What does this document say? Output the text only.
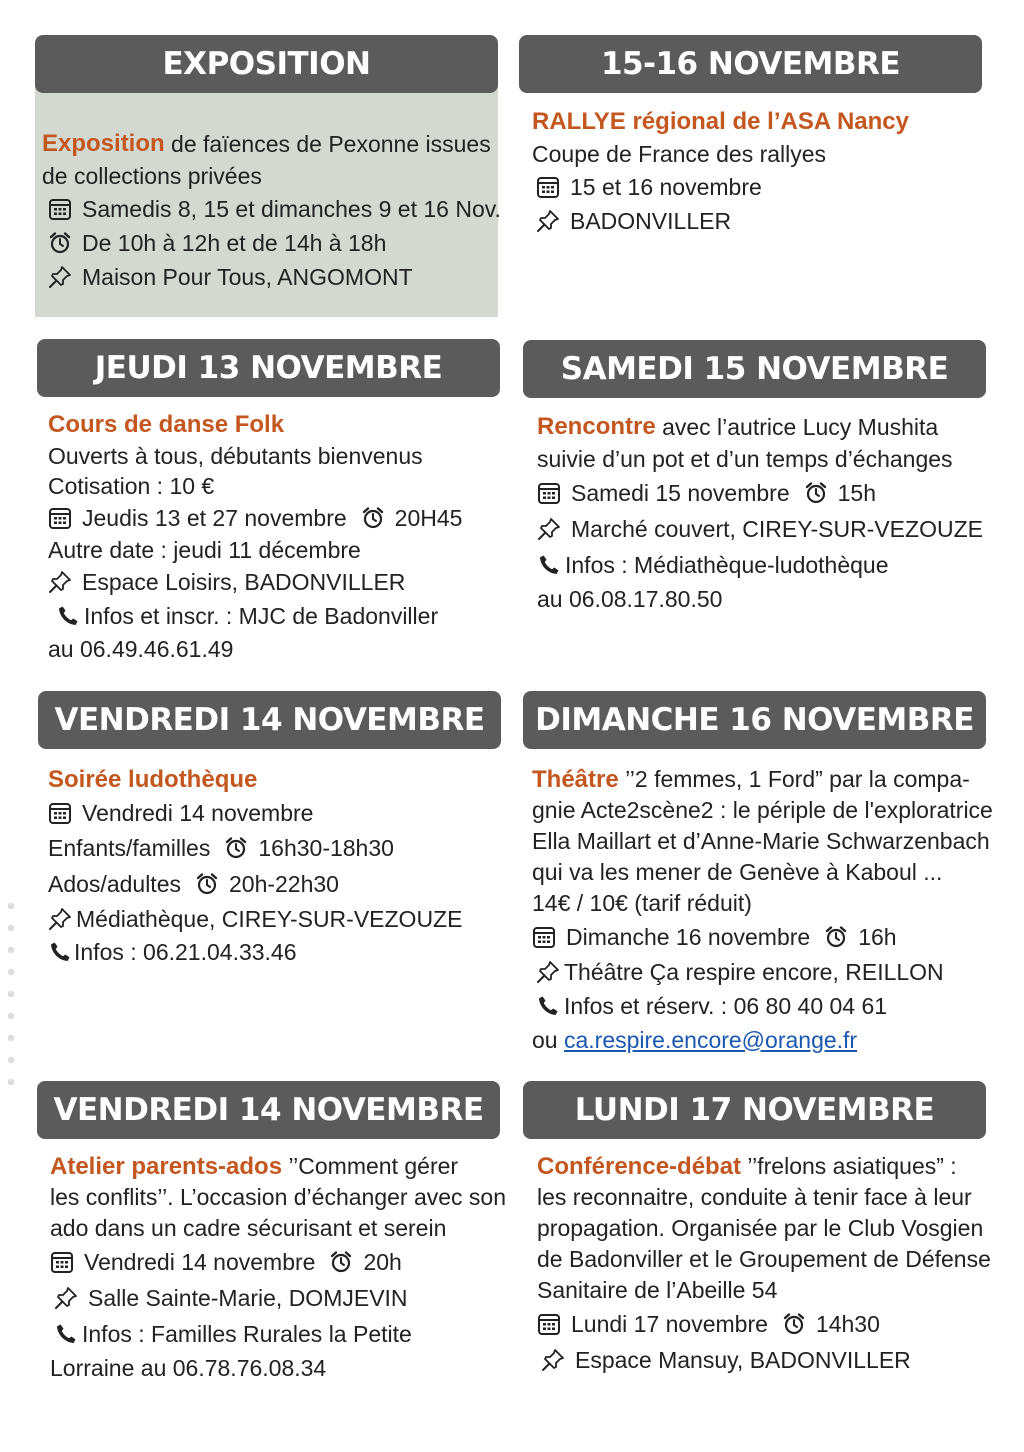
EXPOSITION
Exposition de faïences de Pexonne issues
de collections privées
Samedis 8, 15 et dimanches 9 et 16 Nov.
De 10h à 12h et de 14h à 18h
Maison Pour Tous, ANGOMONT
15-16 NOVEMBRE
RALLYE régional de l’ASA Nancy
Coupe de France des rallyes
15 et 16 novembre
BADONVILLER
JEUDI 13 NOVEMBRE
Cours de danse Folk
Ouverts à tous, débutants bienvenus
Cotisation : 10 €
Jeudis 13 et 27 novembre 20H45
Autre date : jeudi 11 décembre
Espace Loisirs, BADONVILLER
Infos et inscr. : MJC de Badonviller
au 06.49.46.61.49
SAMEDI 15 NOVEMBRE
Rencontre avec l’autrice Lucy Mushita
suivie d’un pot et d’un temps d’échanges
Samedi 15 novembre 15h
Marché couvert, CIREY-SUR-VEZOUZE
Infos : Médiathèque-ludothèque
au 06.08.17.80.50
VENDREDI 14 NOVEMBRE
Soirée ludothèque
Vendredi 14 novembre
Enfants/familles 16h30-18h30
Ados/adultes 20h-22h30
Médiathèque, CIREY-SUR-VEZOUZE
Infos : 06.21.04.33.46
DIMANCHE 16 NOVEMBRE
Théâtre ’’2 femmes, 1 Ford” par la compa-
gnie Acte2scène2 : le périple de l'exploratrice
Ella Maillart et d’Anne-Marie Schwarzenbach
qui va les mener de Genève à Kaboul ...
14€ / 10€ (tarif réduit)
Dimanche 16 novembre 16h
Théâtre Ça respire encore, REILLON
Infos et réserv. : 06 80 40 04 61
ou ca.respire.encore@orange.fr
VENDREDI 14 NOVEMBRE
Atelier parents-ados ’’Comment gérer
les conflits’’. L’occasion d’échanger avec son
ado dans un cadre sécurisant et serein
Vendredi 14 novembre 20h
Salle Sainte-Marie, DOMJEVIN
Infos : Familles Rurales la Petite
Lorraine au 06.78.76.08.34
LUNDI 17 NOVEMBRE
Conférence-débat ’’frelons asiatiques” :
les reconnaitre, conduite à tenir face à leur
propagation. Organisée par le Club Vosgien
de Badonviller et le Groupement de Défense
Sanitaire de l’Abeille 54
Lundi 17 novembre 14h30
Espace Mansuy, BADONVILLER
